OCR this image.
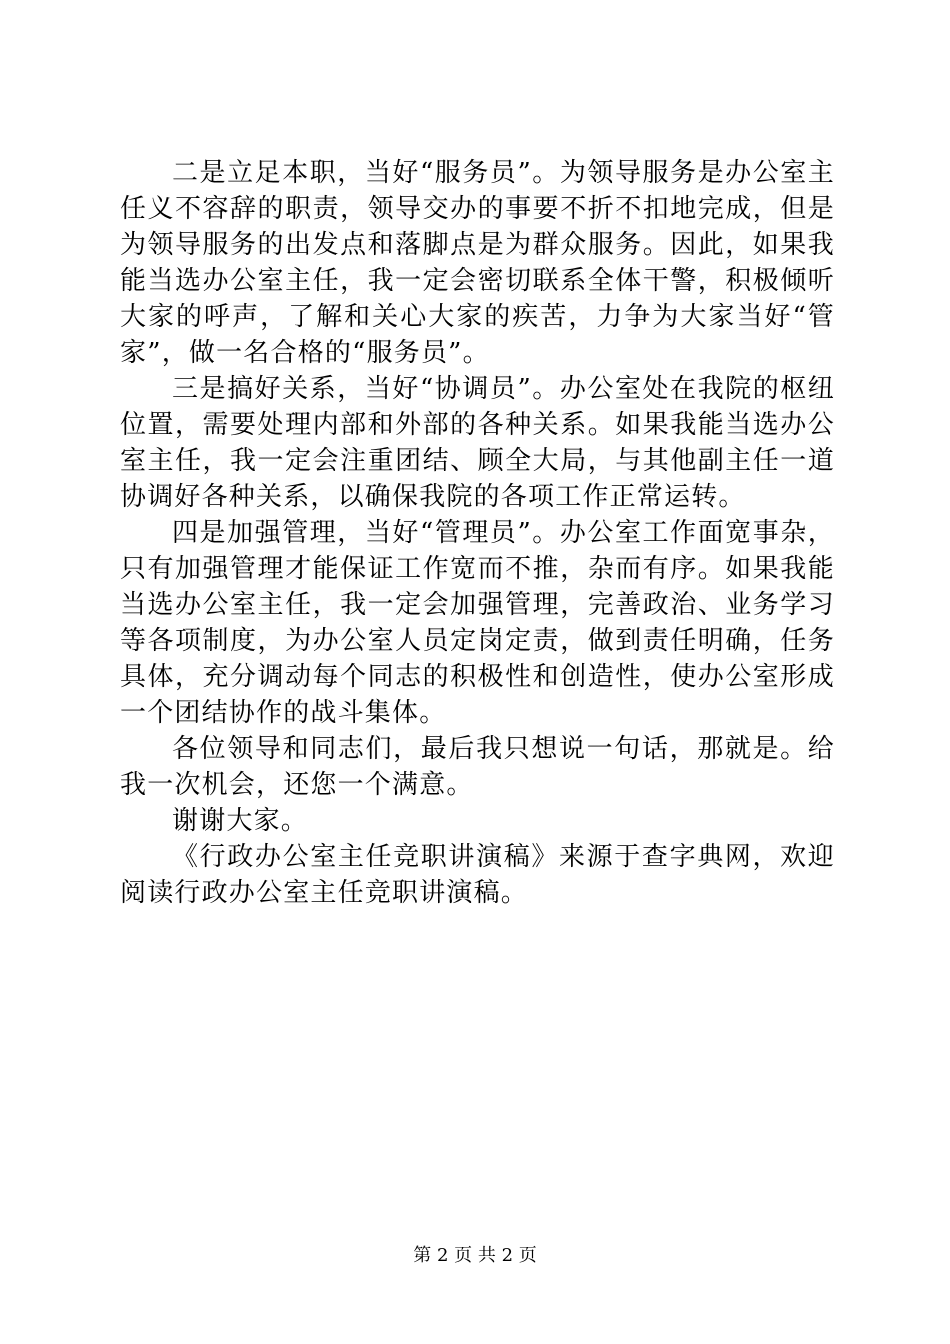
二是立足本职，当好“服务员”。为领导服务是办公室主任义不容辞的职责，领导交办的事要不折不扣地完成，但是为领导服务的出发点和落脚点是为群众服务。因此，如果我能当选办公室主任，我一定会密切联系全体干警，积极倾听大家的呼声，了解和关心大家的疾苦，力争为大家当好“管家”，做一名合格的“服务员”。

三是搞好关系，当好“协调员”。办公室处在我院的枢纽位置，需要处理内部和外部的各种关系。如果我能当选办公室主任，我一定会注重团结、顾全大局，与其他副主任一道协调好各种关系，以确保我院的各项工作正常运转。

四是加强管理，当好“管理员”。办公室工作面宽事杂，只有加强管理才能保证工作宽而不推，杂而有序。如果我能当选办公室主任，我一定会加强管理，完善政治、业务学习等各项制度，为办公室人员定岗定责，做到责任明确，任务具体，充分调动每个同志的积极性和创造性，使办公室形成一个团结协作的战斗集体。

各位领导和同志们，最后我只想说一句话，那就是。给我一次机会，还您一个满意。

谢谢大家。

《行政办公室主任竞职讲演稿》来源于查字典网，欢迎阅读行政办公室主任竞职讲演稿。

第 2 页 共 2 页
